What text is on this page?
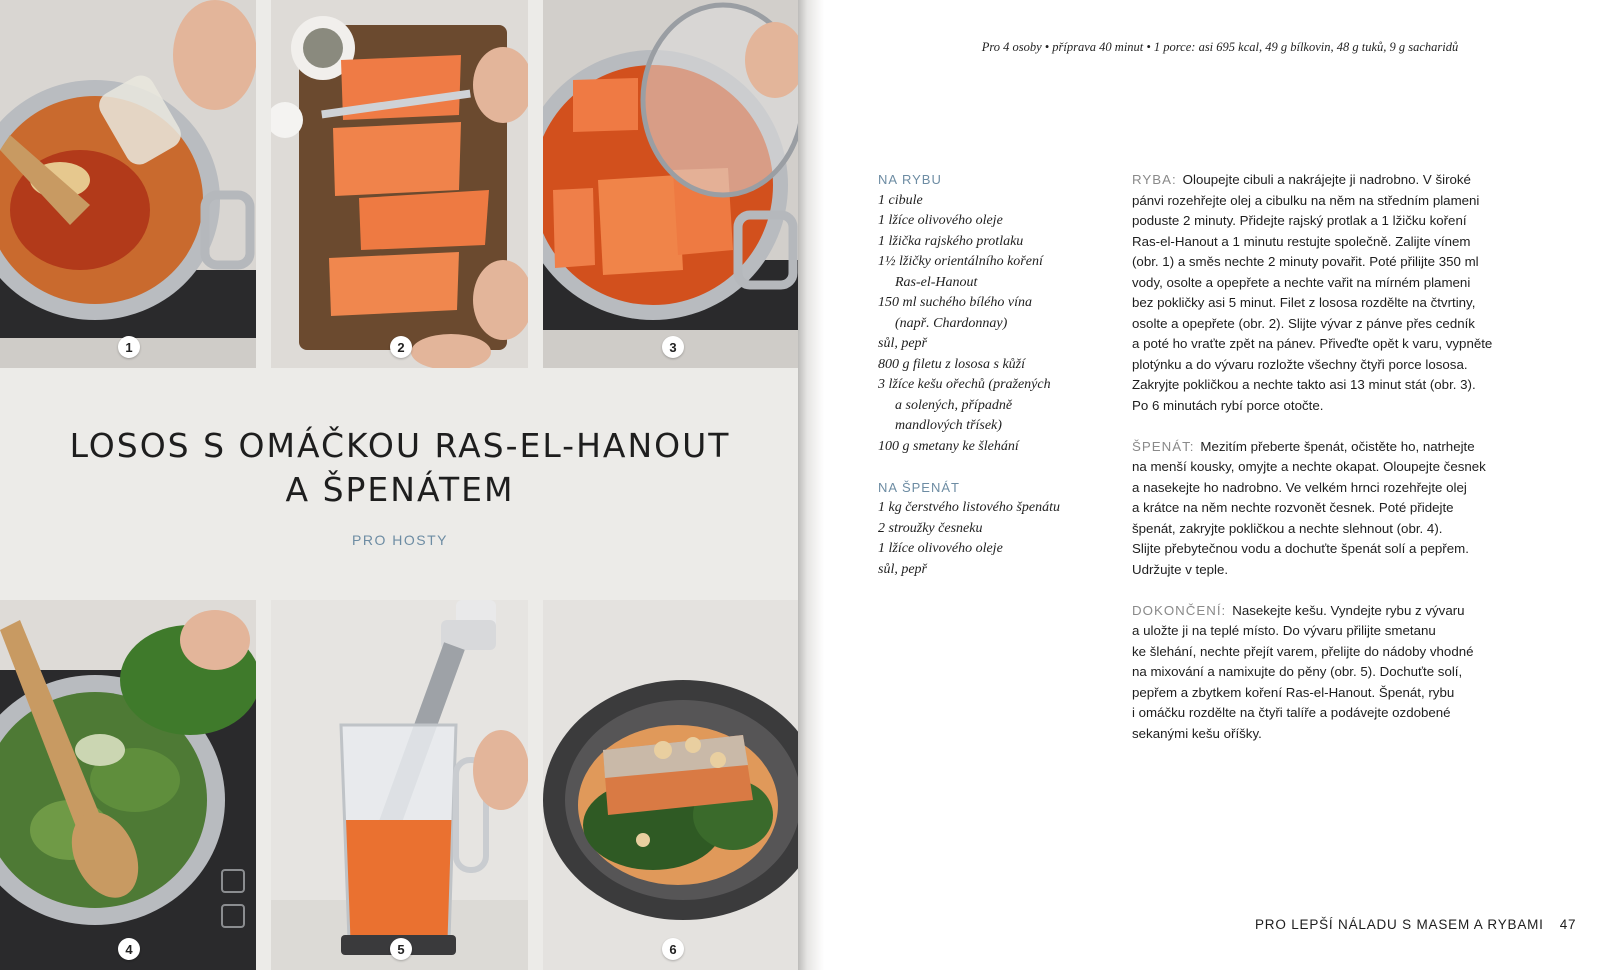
1	2	3
LOSOS S OMÁČKOU RAS-EL-HANOUT
A ŠPENÁTEM
PRO HOSTY
4	5	6
Pro 4 osoby • příprava 40 minut • 1 porce: asi 695 kcal, 49 g bílkovin, 48 g tuků, 9 g sacharidů
NA RYBU
1 cibule
1 lžíce olivového oleje
1 lžička rajského protlaku
1½ lžičky orientálního koření
Ras-el-Hanout
150 ml suchého bílého vína
(např. Chardonnay)
sůl, pepř
800 g filetu z lososa s kůží
3 lžíce kešu ořechů (pražených
a solených, případně
mandlových třísek)
100 g smetany ke šlehání
NA ŠPENÁT
1 kg čerstvého listového špenátu
2 stroužky česneku
1 lžíce olivového oleje
sůl, pepř

RYBA: Oloupejte cibuli a nakrájejte ji nadrobno. V široké
pánvi rozehřejte olej a cibulku na něm na středním plameni
poduste 2 minuty. Přidejte rajský protlak a 1 lžičku koření
Ras-el-Hanout a 1 minutu restujte společně. Zalijte vínem
(obr. 1) a směs nechte 2 minuty povařit. Poté přilijte 350 ml
vody, osolte a opepřete a nechte vařit na mírném plameni
bez pokličky asi 5 minut. Filet z lososa rozdělte na čtvrtiny,
osolte a opepřete (obr. 2). Slijte vývar z pánve přes cedník
a poté ho vraťte zpět na pánev. Přiveďte opět k varu, vypněte
plotýnku a do vývaru rozložte všechny čtyři porce lososa.
Zakryjte pokličkou a nechte takto asi 13 minut stát (obr. 3).
Po 6 minutách rybí porce otočte.

ŠPENÁT: Mezitím přeberte špenát, očistěte ho, natrhejte
na menší kousky, omyjte a nechte okapat. Oloupejte česnek
a nasekejte ho nadrobno. Ve velkém hrnci rozehřejte olej
a krátce na něm nechte rozvonět česnek. Poté přidejte
špenát, zakryjte pokličkou a nechte slehnout (obr. 4).
Slijte přebytečnou vodu a dochuťte špenát solí a pepřem.
Udržujte v teple.

DOKONČENÍ: Nasekejte kešu. Vyndejte rybu z vývaru
a uložte ji na teplé místo. Do vývaru přilijte smetanu
ke šlehání, nechte přejít varem, přelijte do nádoby vhodné
na mixování a namixujte do pěny (obr. 5). Dochuťte solí,
pepřem a zbytkem koření Ras-el-Hanout. Špenát, rybu
i omáčku rozdělte na čtyři talíře a podávejte ozdobené
sekanými kešu oříšky.

PRO LEPŠÍ NÁLADU S MASEM A RYBAMI 47
